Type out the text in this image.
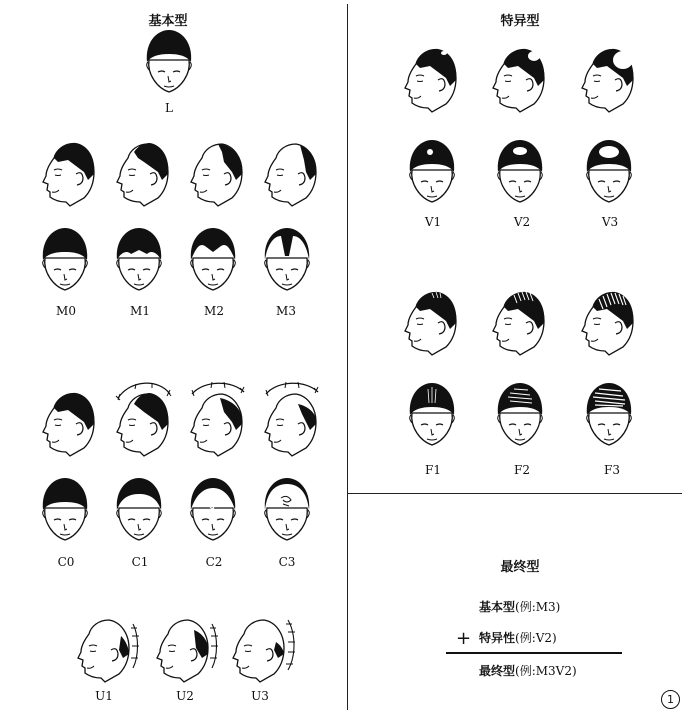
基本型	特异型
最终型
L
M0	M1	M2	M3
C0	C1	C2	C3
U1	U2	U3
V1	V2	V3
F1	F2	F3
基本型(例:M3)
+ 特异性(例:V2)
最终型(例:M3V2)
1
